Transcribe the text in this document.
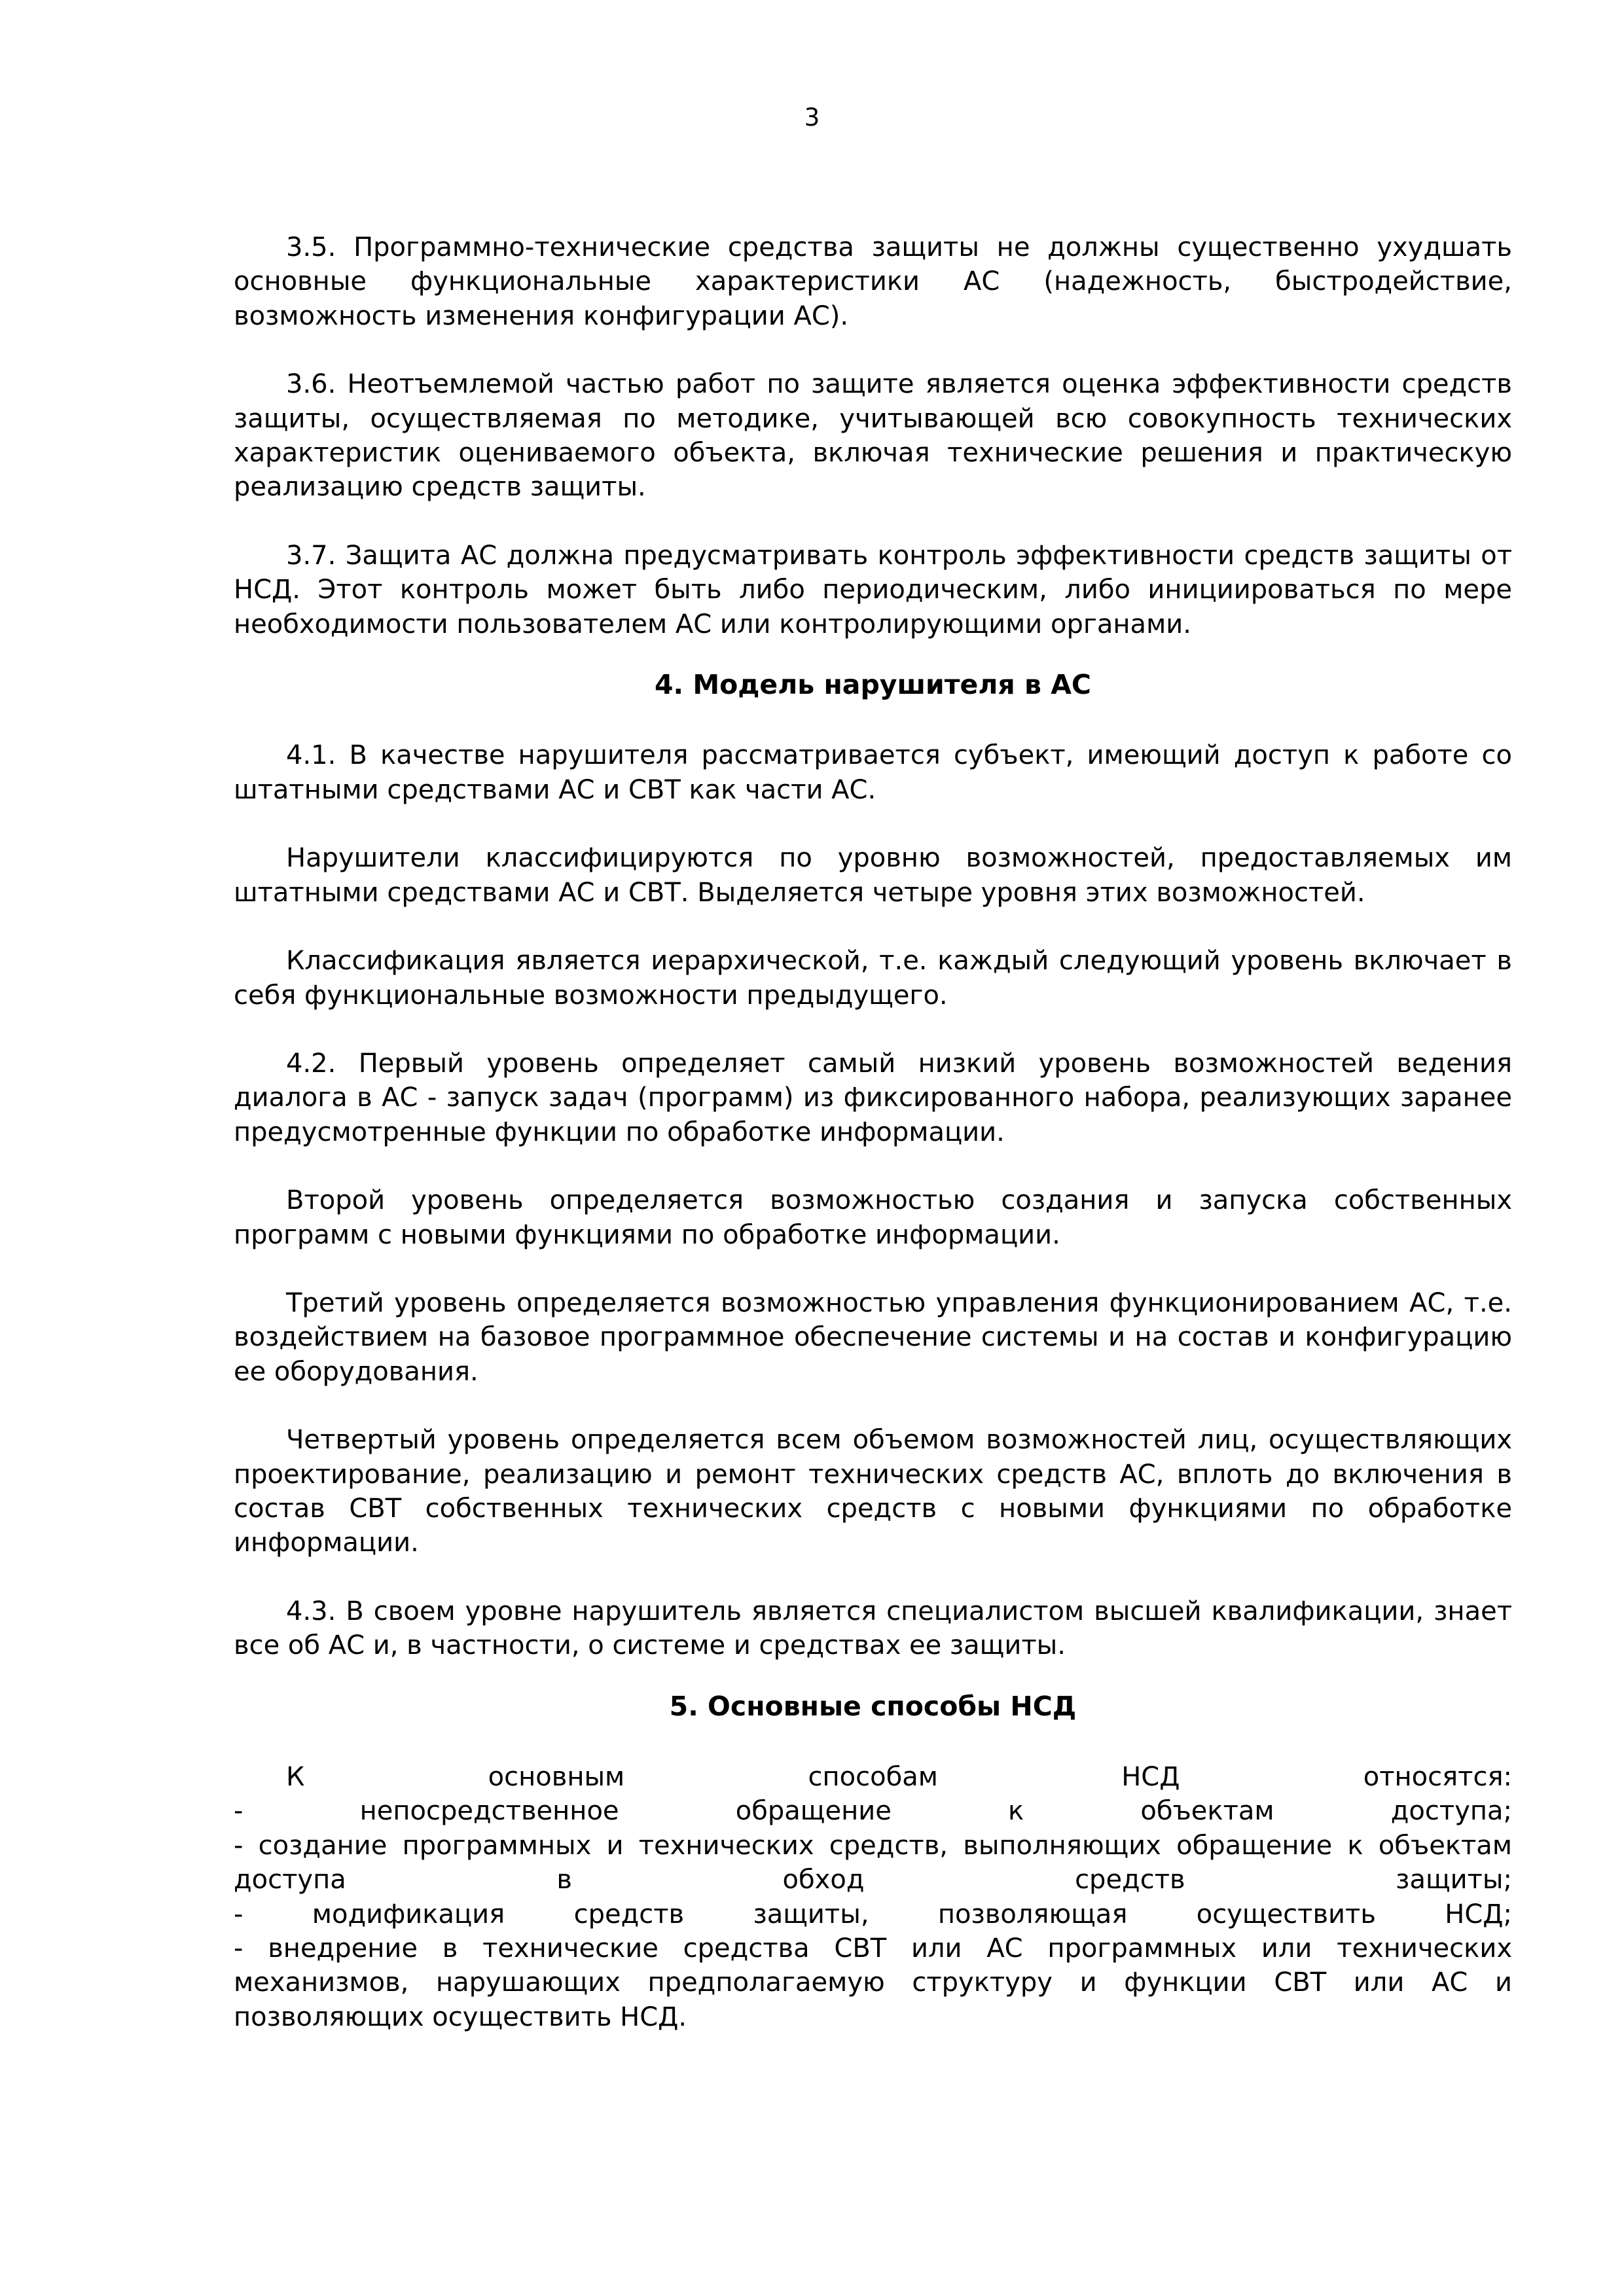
3

3.5. Программно-технические средства защиты не должны существенно ухудшать основные функциональные характеристики АС (надежность, быстродействие, возможность изменения конфигурации АС).

3.6. Неотъемлемой частью работ по защите является оценка эффективности средств защиты, осуществляемая по методике, учитывающей всю совокупность технических характеристик оцениваемого объекта, включая технические решения и практическую реализацию средств защиты.

3.7. Защита АС должна предусматривать контроль эффективности средств защиты от НСД. Этот контроль может быть либо периодическим, либо инициироваться по мере необходимости пользователем АС или контролирующими органами.

4. Модель нарушителя в АС

4.1. В качестве нарушителя рассматривается субъект, имеющий доступ к работе со штатными средствами АС и СВТ как части АС.

Нарушители классифицируются по уровню возможностей, предоставляемых им штатными средствами АС и СВТ. Выделяется четыре уровня этих возможностей.

Классификация является иерархической, т.е. каждый следующий уровень включает в себя функциональные возможности предыдущего.

4.2. Первый уровень определяет самый низкий уровень возможностей ведения диалога в АС - запуск задач (программ) из фиксированного набора, реализующих заранее предусмотренные функции по обработке информации.

Второй уровень определяется возможностью создания и запуска собственных программ с новыми функциями по обработке информации.

Третий уровень определяется возможностью управления функционированием АС, т.е. воздействием на базовое программное обеспечение системы и на состав и конфигурацию ее оборудования.

Четвертый уровень определяется всем объемом возможностей лиц, осуществляющих проектирование, реализацию и ремонт технических средств АС, вплоть до включения в состав СВТ собственных технических средств с новыми функциями по обработке информации.

4.3. В своем уровне нарушитель является специалистом высшей квалификации, знает все об АС и, в частности, о системе и средствах ее защиты.

5. Основные способы НСД
К основным способам НСД относятся:
- непосредственное обращение к объектам доступа;
- создание программных и технических средств, выполняющих обращение к объектам доступа в обход средств защиты;
- модификация средств защиты, позволяющая осуществить НСД;
- внедрение в технические средства СВТ или АС программных или технических механизмов, нарушающих предполагаемую структуру и функции СВТ или АС и позволяющих осуществить НСД.
